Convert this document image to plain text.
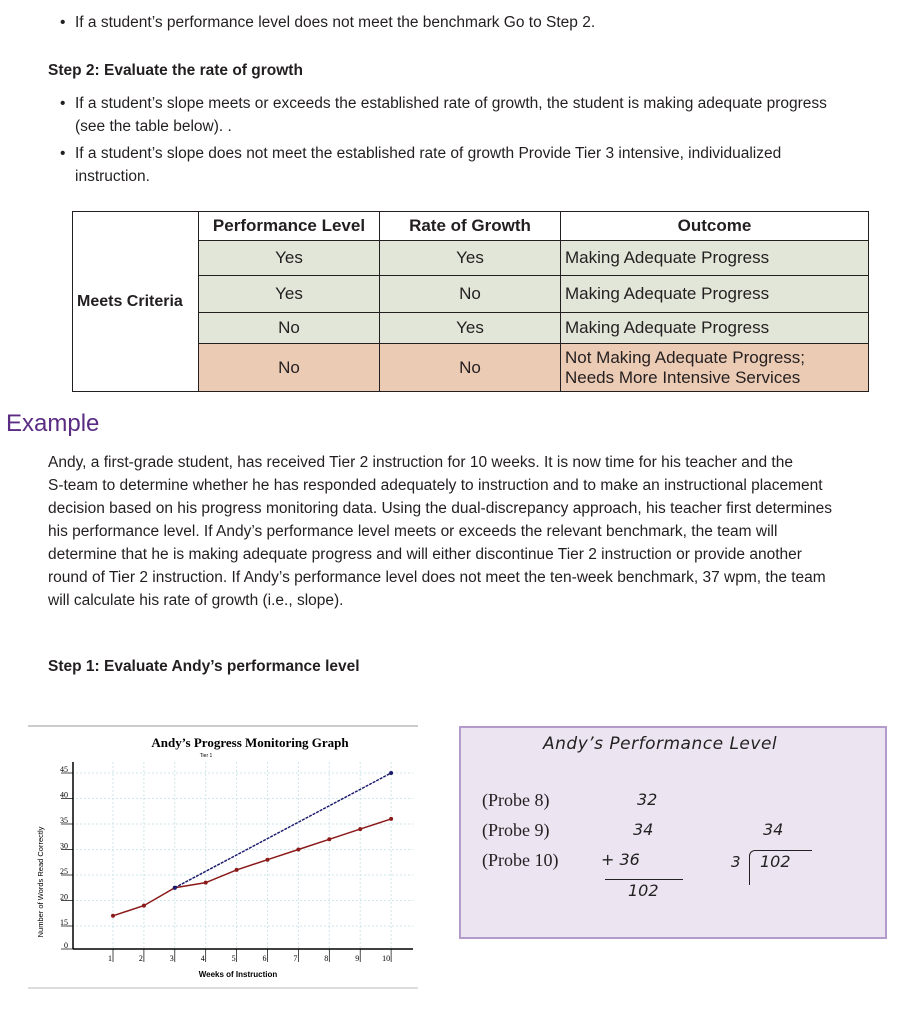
• If a student’s performance level does not meet the benchmark Go to Step 2.
Step 2: Evaluate the rate of growth
• If a student’s slope meets or exceeds the established rate of growth, the student is making adequate progress
(see the table below). .
• If a student’s slope does not meet the established rate of growth Provide Tier 3 intensive, individualized
instruction.
Meets Criteria	Performance Level	Rate of Growth	Outcome
	Yes	Yes	Making Adequate Progress
	Yes	No	Making Adequate Progress
	No	Yes	Making Adequate Progress
	No	No	Not Making Adequate Progress;
Needs More Intensive Services
Example
Andy, a first-grade student, has received Tier 2 instruction for 10 weeks. It is now time for his teacher and the
S-team to determine whether he has responded adequately to instruction and to make an instructional placement
decision based on his progress monitoring data. Using the dual-discrepancy approach, his teacher first determines
his performance level. If Andy’s performance level meets or exceeds the relevant benchmark, the team will
determine that he is making adequate progress and will either discontinue Tier 2 instruction or provide another
round of Tier 2 instruction. If Andy’s performance level does not meet the ten-week benchmark, 37 wpm, the team
will calculate his rate of growth (i.e., slope).
Step 1: Evaluate Andy’s performance level
Andy’s Progress Monitoring Graph
Tier 1
Weeks of Instruction
Number of Words Read Correctly
0
15
20
25
30
35
40
45
1	2	3	4	5	6	7	8	9	10
Andy’s Performance Level
(Probe 8)
(Probe 9)
(Probe 10)
32
34
+ 36
102
34
3 102
